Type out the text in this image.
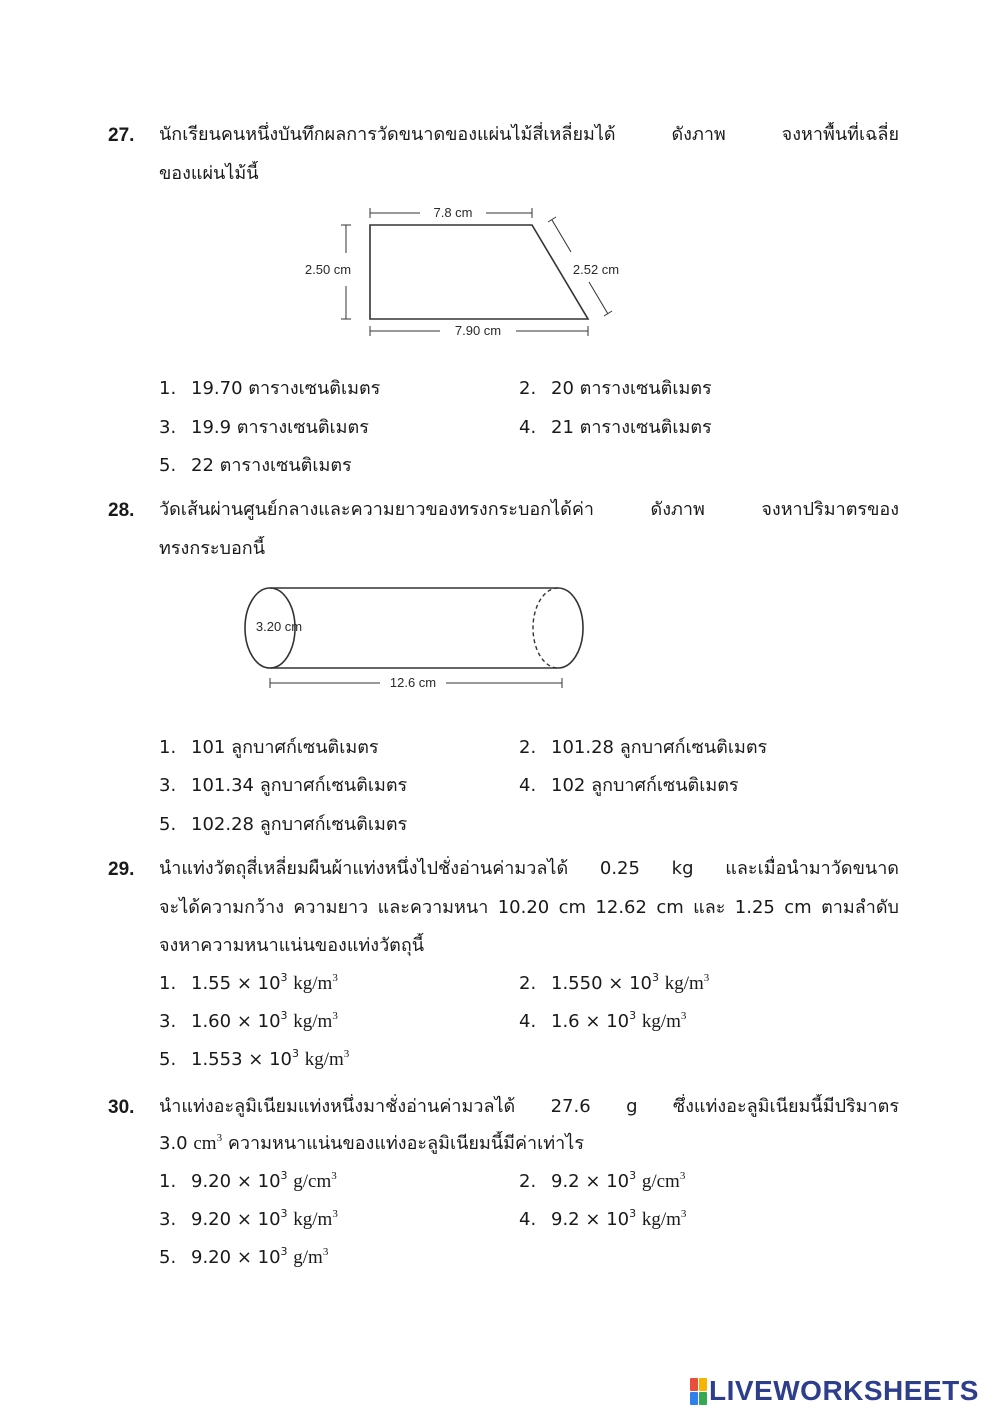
27. นักเรียนคนหนึ่งบันทึกผลการวัดขนาดของแผ่นไม้สี่เหลี่ยมได้ ดังภาพ จงหาพื้นที่เฉลี่ย
ของแผ่นไม้นี้
7.8 cm
2.50 cm	2.52 cm
7.90 cm
1. 19.70 ตารางเซนติเมตร	2. 20 ตารางเซนติเมตร
3. 19.9 ตารางเซนติเมตร	4. 21 ตารางเซนติเมตร
5. 22 ตารางเซนติเมตร
28. วัดเส้นผ่านศูนย์กลางและความยาวของทรงกระบอกได้ค่า ดังภาพ จงหาปริมาตรของ
ทรงกระบอกนี้
3.20 cm
12.6 cm
1. 101 ลูกบาศก์เซนติเมตร	2. 101.28 ลูกบาศก์เซนติเมตร
3. 101.34 ลูกบาศก์เซนติเมตร	4. 102 ลูกบาศก์เซนติเมตร
5. 102.28 ลูกบาศก์เซนติเมตร
29. นำแท่งวัตถุสี่เหลี่ยมผืนผ้าแท่งหนึ่งไปชั่งอ่านค่ามวลได้ 0.25 kg และเมื่อนำมาวัดขนาด
จะได้ความกว้าง ความยาว และความหนา 10.20 cm 12.62 cm และ 1.25 cm ตามลำดับ
จงหาความหนาแน่นของแท่งวัตถุนี้
1. $1.55 \times 10^3$ $kg/m^3$	2. $1.550 \times 10^3$ $kg/m^3$
3. $1.60 \times 10^3$ $kg/m^3$	4. $1.6 \times 10^3$ $kg/m^3$
5. $1.553 \times 10^3$ $kg/m^3$
30. นำแท่งอะลูมิเนียมแท่งหนึ่งมาชั่งอ่านค่ามวลได้ 27.6 g ซึ่งแท่งอะลูมิเนียมนี้มีปริมาตร
3.0 $cm^3$ ความหนาแน่นของแท่งอะลูมิเนียมนี้มีค่าเท่าไร
1. $9.20 \times 10^3$ $g/cm^3$	2. $9.2 \times 10^3$ $g/cm^3$
3. $9.20 \times 10^3$ $kg/m^3$	4. $9.2 \times 10^3$ $kg/m^3$
5. $9.20 \times 10^3$ $g/m^3$
LIVEWORKSHEETS
